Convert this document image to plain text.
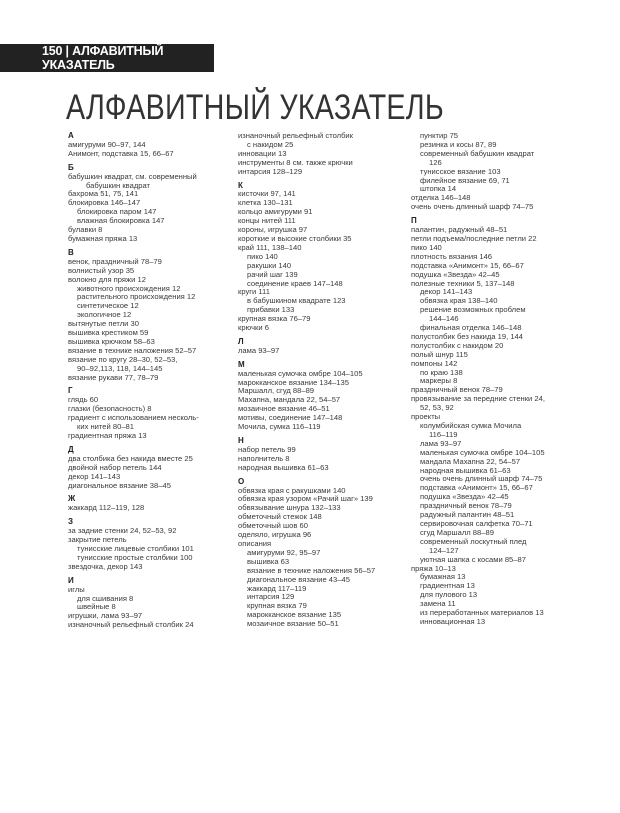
150 | АЛФАВИТНЫЙ УКАЗАТЕЛЬ
АЛФАВИТНЫЙ УКАЗАТЕЛЬ
А
амигуруми 90–97, 144
Анимонт, подставка 15, 66–67
Б
бабушкин квадрат, см. современный
бабушкин квадрат
бахрома 51, 75, 141
блокировка 146–147
блокировка паром 147
влажная блокировка 147
булавки 8
бумажная пряжа 13
В
венок, праздничный 78–79
волнистый узор 35
волокно для пряжи 12
животного происхождения 12
растительного происхождения 12
синтетическое 12
экологичное 12
вытянутые петли 30
вышивка крестиком 59
вышивка крючком 58–63
вязание в технике наложения 52–57
вязание по кругу 28–30, 52–53,
90–92,113, 118, 144–145
вязание рукави 77, 78–79
Г
глядь 60
глазки (безопасность) 8
градиент с использованием несколь-
ких нитей 80–81
градиентная пряжа 13
Д
два столбика без накида вместе 25
двойной набор петель 144
декор 141–143
диагональное вязание 38–45
Ж
жаккард 112–119, 128
З
за задние стенки 24, 52–53, 92
закрытие петель
тунисские лицевые столбики 101
тунисские простые столбики 100
звездочка, декор 143
И
иглы
для сшивания 8
швейные 8
игрушки, лама 93–97
изнаночный рельефный столбик 24
изнаночный рельефный столбик
с накидом 25
инновации 13
инструменты 8 см. также крючки
интарсия 128–129
К
кисточки 97, 141
клетка 130–131
кольцо амигуруми 91
концы нитей 111
короны, игрушка 97
короткие и высокие столбики 35
край 111, 138–140
пико 140
ракушки 140
рачий шаг 139
соединение краев 147–148
круги 111
в бабушкином квадрате 123
прибавки 133
крупная вязка 76–79
крючки 6
Л
лама 93–97
М
маленькая сумочка омбре 104–105
марокканское вязание 134–135
Маршалл, сгуд 88–89
Махапна, мандала 22, 54–57
мозаичное вязание 46–51
мотивы, соединение 147–148
Мочила, сумка 116–119
Н
набор петель 99
наполнитель 8
народная вышивка 61–63
О
обвязка края с ракушками 140
обвязка края узором «Рачий шаг» 139
обвязывание шнура 132–133
обметочный стежок 148
обметочный шов 60
оделяло, игрушка 96
описания
амигуруми 92, 95–97
вышивка 63
вязание в технике наложения 56–57
диагональное вязание 43–45
жаккард 117–119
интарсия 129
крупная вязка 79
марокканское вязание 135
мозаичное вязание 50–51
пунктир 75
резинка и косы 87, 89
современный бабушкин квадрат
126
тунисское вязание 103
филейное вязание 69, 71
штопка 14
отделка 146–148
очень очень длинный шарф 74–75
П
палантин, радужный 48–51
петли подъема/последние петли 22
пико 140
плотность вязания 146
подставка «Анимонт» 15, 66–67
подушка «Звезда» 42–45
полезные техники 5, 137–148
декор 141–143
обвязка края 138–140
решение возможных проблем
144–146
финальная отделка 146–148
полустолбик без накида 19, 144
полустолбик с накидом 20
полый шнур 115
помпоны 142
по краю 138
маркеры 8
праздничный венок 78–79
провязывание за передние стенки 24,
52, 53, 92
проекты
колумбийская сумка Мочила
116–119
лама 93–97
маленькая сумочка омбре 104–105
мандала Махапна 22, 54–57
народная вышивка 61–63
очень очень длинный шарф 74–75
подставка «Анимонт» 15, 66–67
подушка «Звезда» 42–45
праздничный венок 78–79
радужный палантин 48–51
сервировочная салфетка 70–71
сгуд Маршалл 88–89
современный лоскутный плед
124–127
уютная шапка с косами 85–87
пряжа 10–13
бумажная 13
градиентная 13
для пулового 13
замена 11
из переработанных материалов 13
инновационная 13
